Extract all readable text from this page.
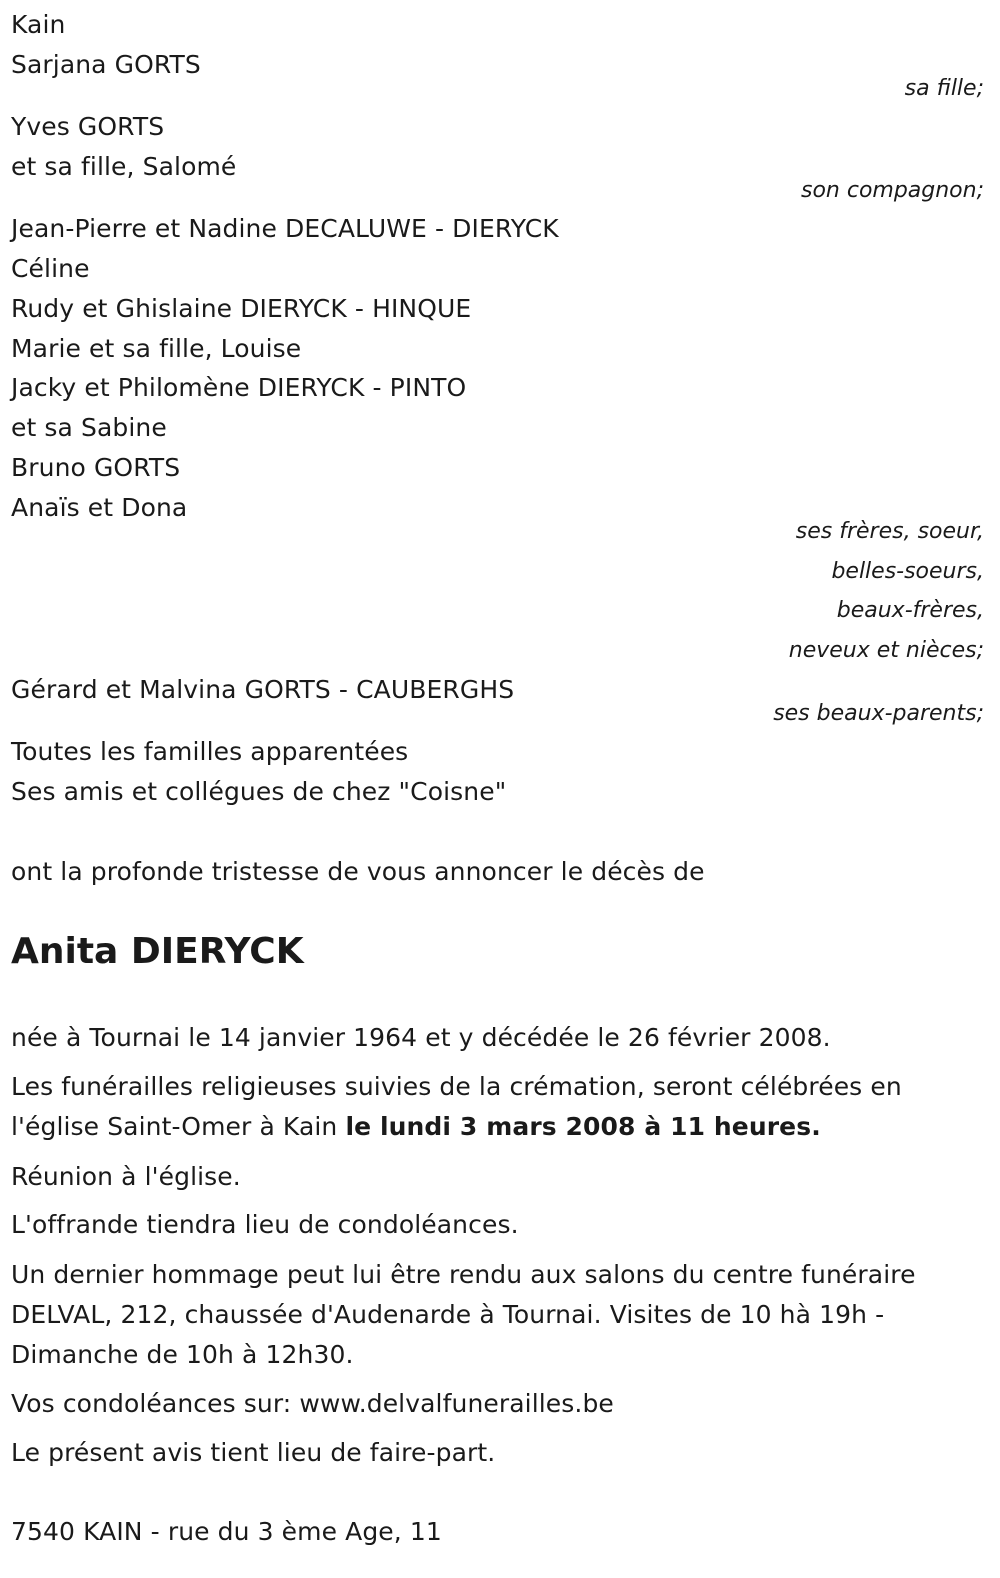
Kain
Sarjana GORTS
sa fille;
Yves GORTS
et sa fille, Salomé
son compagnon;
Jean-Pierre et Nadine DECALUWE - DIERYCK
Céline
Rudy et Ghislaine DIERYCK - HINQUE
Marie et sa fille, Louise
Jacky et Philomène DIERYCK - PINTO
et sa Sabine
Bruno GORTS
Anaïs et Dona
ses frères, soeur,
belles-soeurs,
beaux-frères,
neveux et nièces;
Gérard et Malvina GORTS - CAUBERGHS
ses beaux-parents;
Toutes les familles apparentées
Ses amis et collégues de chez "Coisne"
ont la profonde tristesse de vous annoncer le décès de
Anita DIERYCK
née à Tournai le 14 janvier 1964 et y décédée le 26 février 2008.
Les funérailles religieuses suivies de la crémation, seront célébrées en
l'église Saint-Omer à Kain le lundi 3 mars 2008 à 11 heures.
Réunion à l'église.
L'offrande tiendra lieu de condoléances.
Un dernier hommage peut lui être rendu aux salons du centre funéraire
DELVAL, 212, chaussée d'Audenarde à Tournai. Visites de 10 hà 19h -
Dimanche de 10h à 12h30.
Vos condoléances sur: www.delvalfunerailles.be
Le présent avis tient lieu de faire-part.
7540 KAIN - rue du 3 ème Age, 11
